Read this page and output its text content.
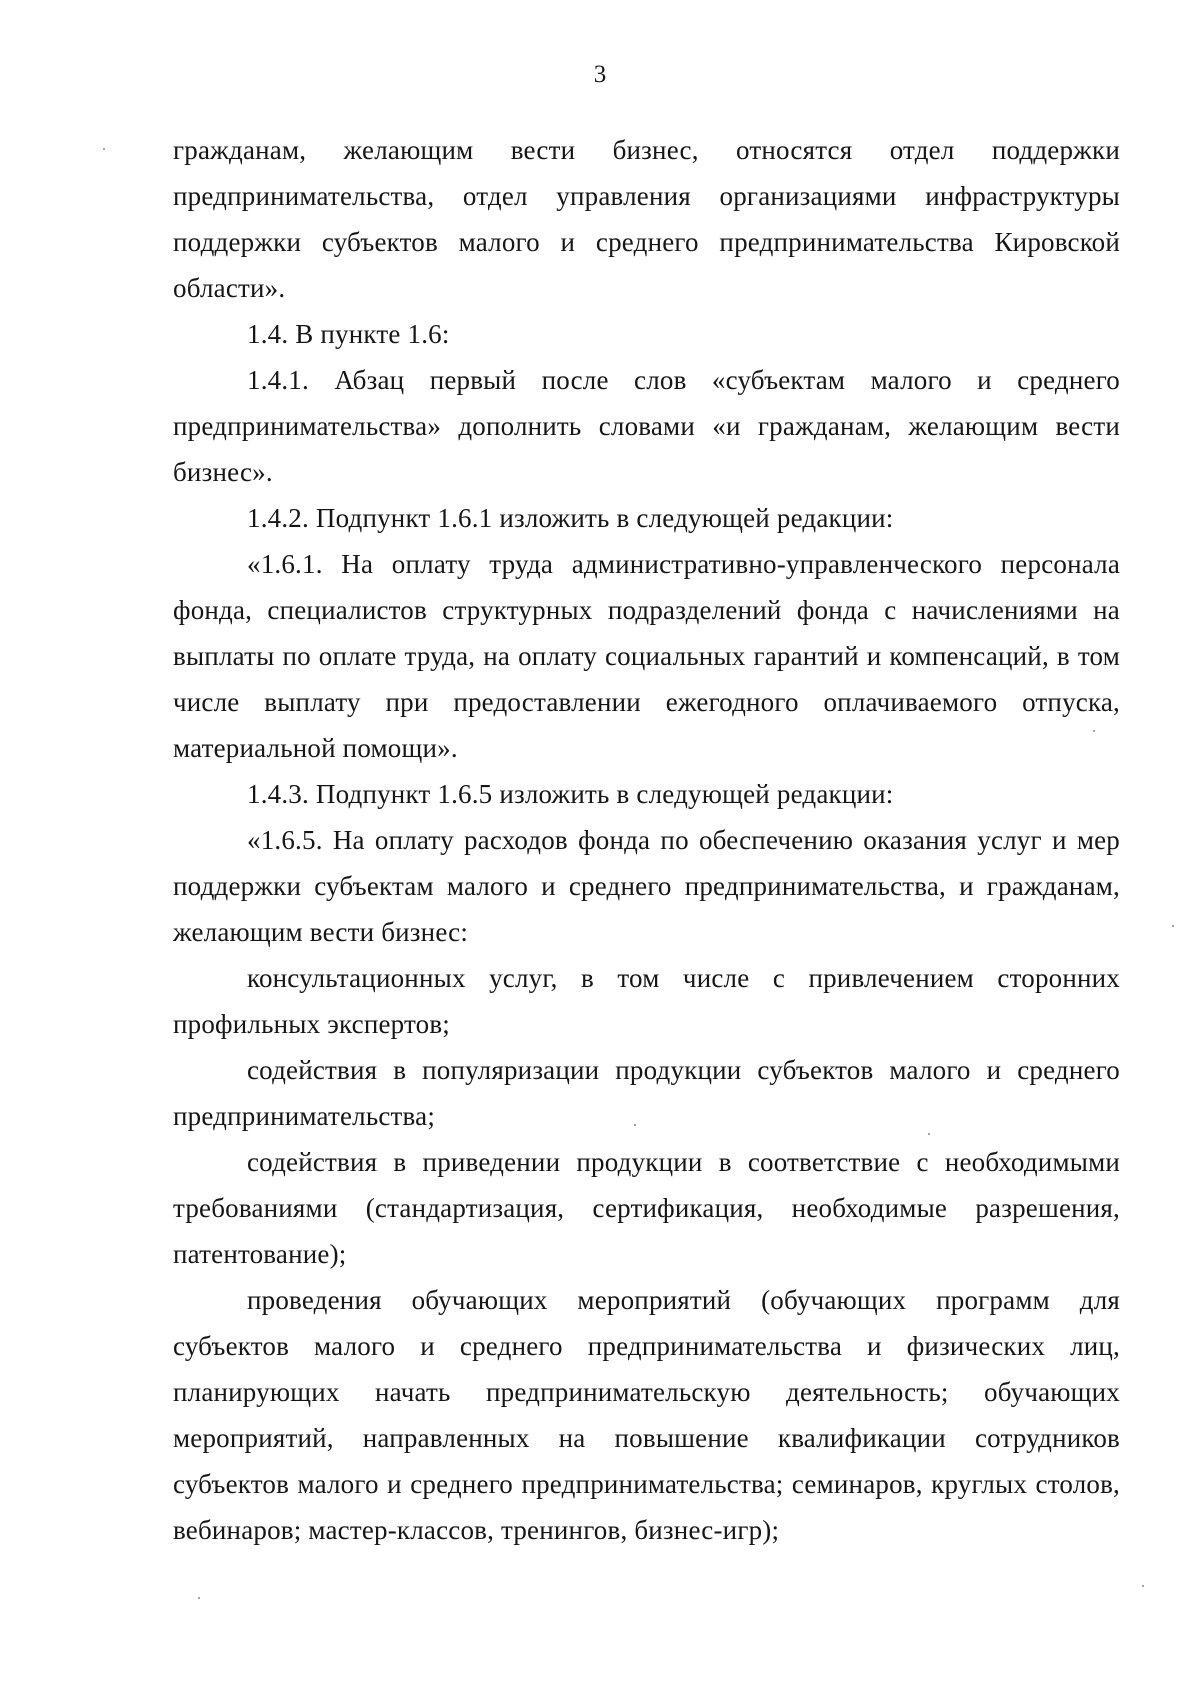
3

гражданам, желающим вести бизнес, относятся отдел поддержки предпринимательства, отдел управления организациями инфраструктуры поддержки субъектов малого и среднего предпринимательства Кировской области».

1.4. В пункте 1.6:

1.4.1. Абзац первый после слов «субъектам малого и среднего предпринимательства» дополнить словами «и гражданам, желающим вести бизнес».

1.4.2. Подпункт 1.6.1 изложить в следующей редакции:

«1.6.1. На оплату труда административно-управленческого персонала фонда, специалистов структурных подразделений фонда с начислениями на выплаты по оплате труда, на оплату социальных гарантий и компенсаций, в том числе выплату при предоставлении ежегодного оплачиваемого отпуска, материальной помощи».

1.4.3. Подпункт 1.6.5 изложить в следующей редакции:

«1.6.5. На оплату расходов фонда по обеспечению оказания услуг и мер поддержки субъектам малого и среднего предпринимательства, и гражданам, желающим вести бизнес:

консультационных услуг, в том числе с привлечением сторонних профильных экспертов;

содействия в популяризации продукции субъектов малого и среднего предпринимательства;

содействия в приведении продукции в соответствие с необходимыми требованиями (стандартизация, сертификация, необходимые разрешения, патентование);

проведения обучающих мероприятий (обучающих программ для субъектов малого и среднего предпринимательства и физических лиц, планирующих начать предпринимательскую деятельность; обучающих мероприятий, направленных на повышение квалификации сотрудников субъектов малого и среднего предпринимательства; семинаров, круглых столов, вебинаров; мастер-классов, тренингов, бизнес-игр);
